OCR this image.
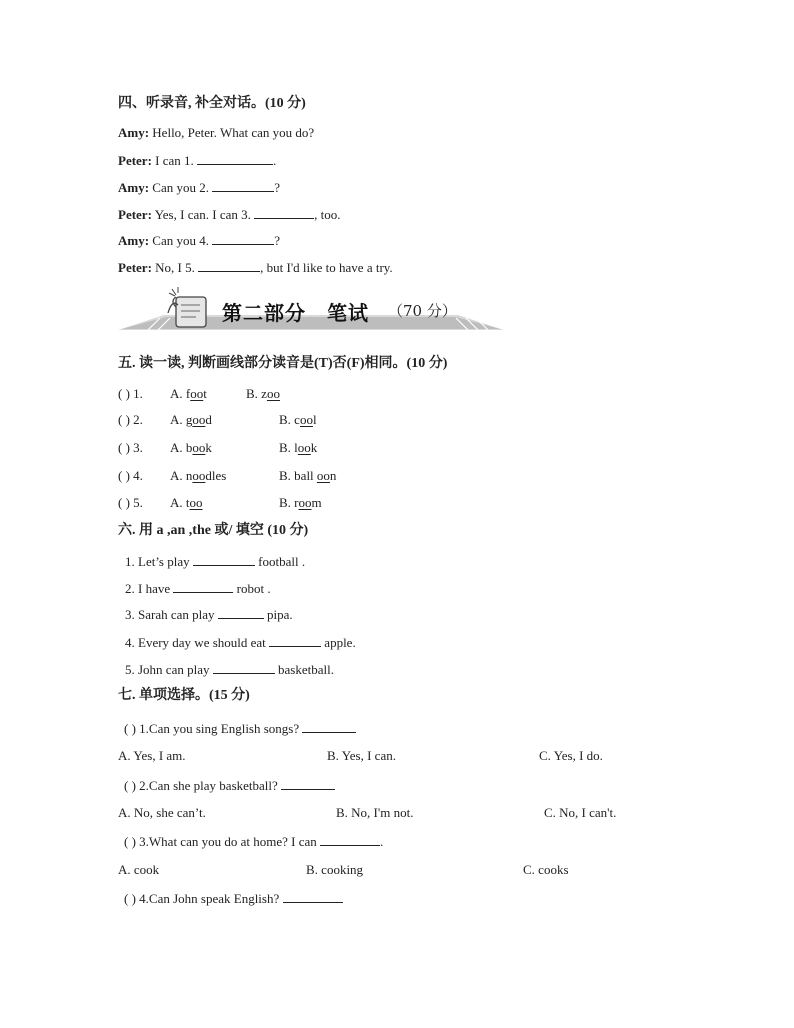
四、听录音, 补全对话。(10 分)
Amy: Hello, Peter. What can you do?
Peter: I can 1.	.
Amy: Can you 2.	?
Peter: Yes, I can. I can 3.	, too.
Amy: Can you 4.	?
Peter: No, I 5.	, but I'd like to have a try.
第二部分　笔试 （70 分）
五. 读一读, 判断画线部分读音是(T)否(F)相同。(10 分)
( ) 1. A. foot	B. zoo
( ) 2. A. good	B. cool
( ) 3. A. book	B. look
( ) 4. A. noodles	B. ball oon
( ) 5. A. too	B. room
六. 用 a ,an ,the 或/ 填空 (10 分)
1. Let’s play	football .
2. I have	robot .
3. Sarah can play	pipa.
4. Every day we should eat	apple.
5. John can play	basketball.
七. 单项选择。(15 分)
( ) 1.Can you sing English songs?
A. Yes, I am.	B. Yes, I can.	C. Yes, I do.
( ) 2.Can she play basketball?
A. No, she can’t.	B. No, I'm not.	C. No, I can't.
( ) 3.What can you do at home? I can	.
A. cook	B. cooking	C. cooks
( ) 4.Can John speak English?
